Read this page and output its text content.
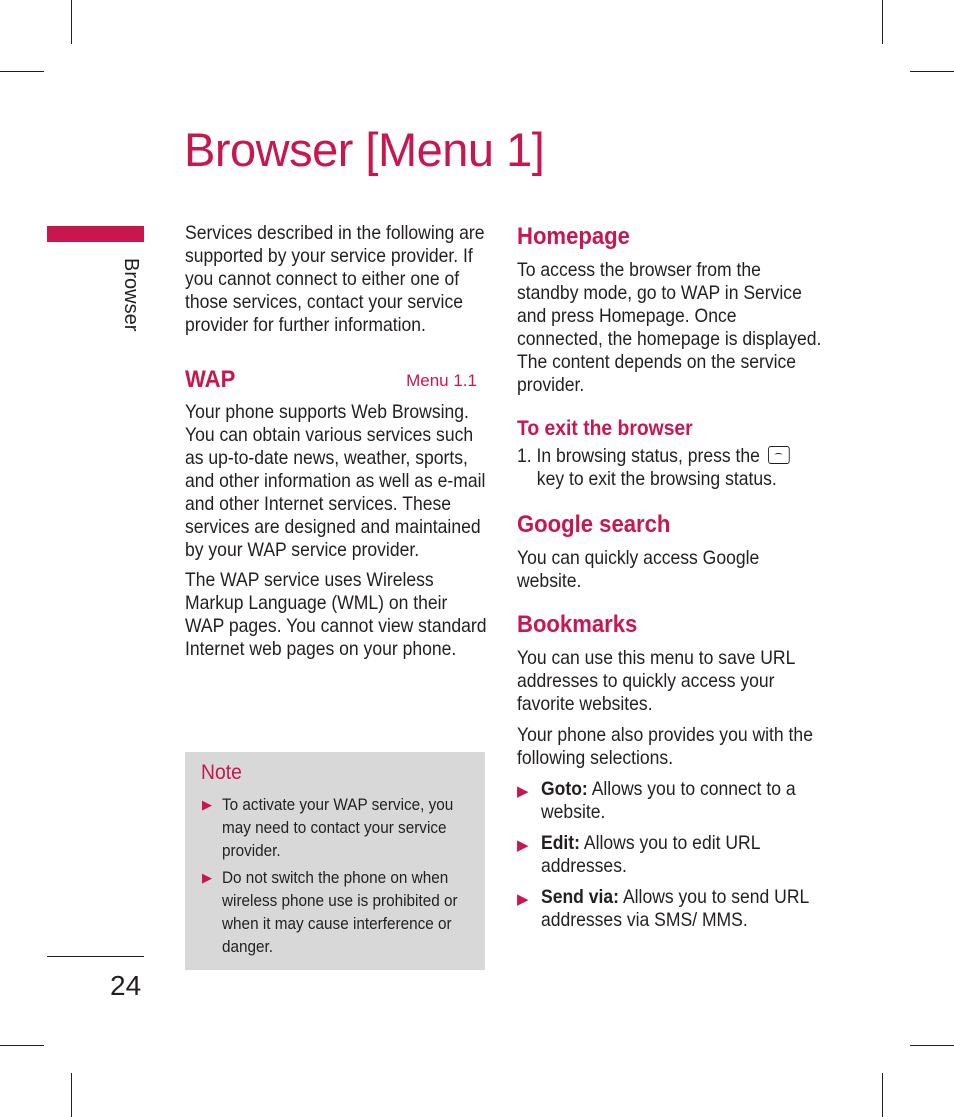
Browser [Menu 1]
Browser
24

Services described in the following are supported by your service provider. If you cannot connect to either one of those services, contact your service provider for further information.

WAP	Menu 1.1

Your phone supports Web Browsing. You can obtain various services such as up-to-date news, weather, sports, and other information as well as e-mail and other Internet services. These services are designed and maintained by your WAP service provider.

The WAP service uses Wireless Markup Language (WML) on their WAP pages. You cannot view standard Internet web pages on your phone.

Note
▶ To activate your WAP service, you may need to contact your service provider.
▶ Do not switch the phone on when wireless phone use is prohibited or when it may cause interference or danger.
Homepage

To access the browser from the standby mode, go to WAP in Service and press Homepage. Once connected, the homepage is displayed. The content depends on the service provider.

To exit the browser

1. In browsing status, press the
key to exit the browsing status.

Google search

You can quickly access Google website.

Bookmarks

You can use this menu to save URL addresses to quickly access your favorite websites.

Your phone also provides you with the following selections.

▶ Goto: Allows you to connect to a website.
▶ Edit: Allows you to edit URL addresses.
▶ Send via: Allows you to send URL addresses via SMS/ MMS.
